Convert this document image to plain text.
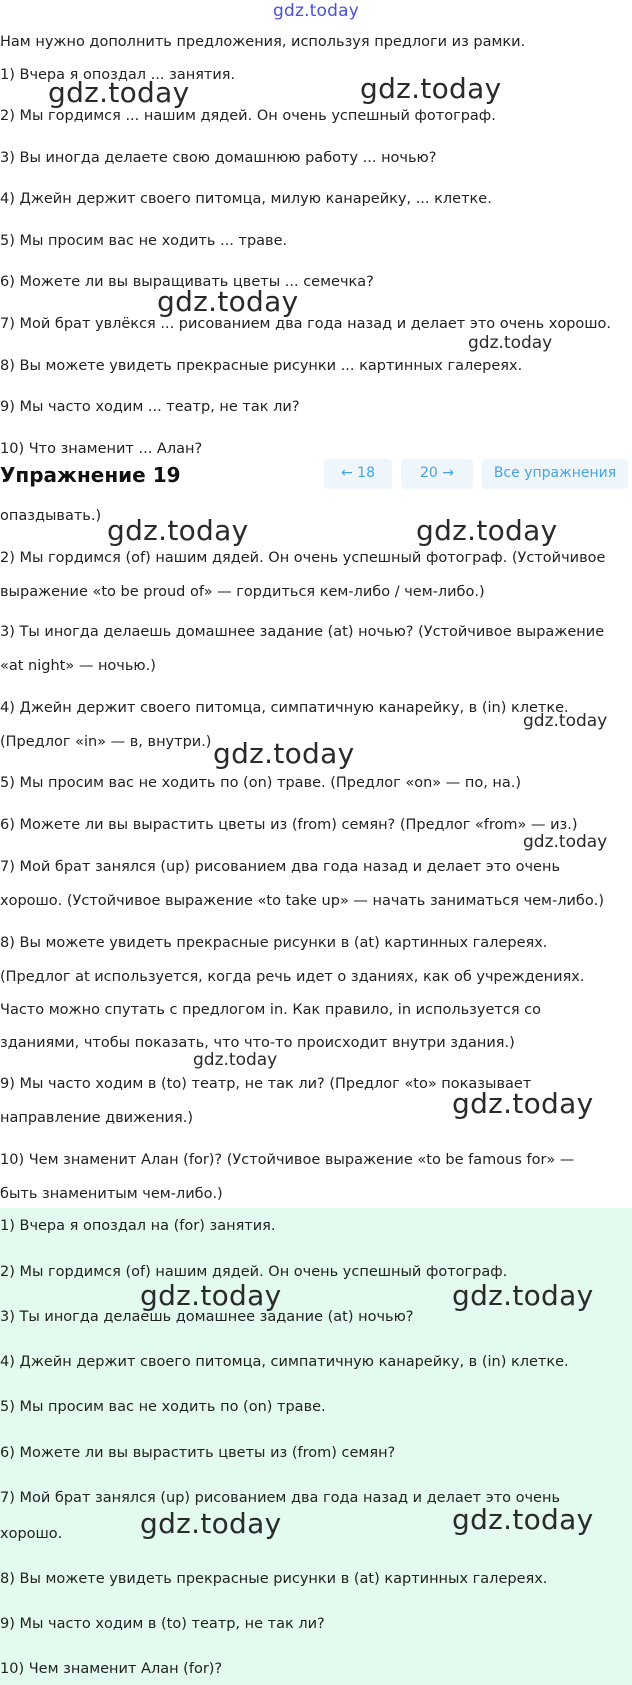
gdz.today
Нам нужно дополнить предложения, используя предлоги из рамки.
1) Вчера я опоздал ... занятия.
2) Мы гордимся ... нашим дядей. Он очень успешный фотограф.
3) Вы иногда делаете свою домашнюю работу ... ночью?
4) Джейн держит своего питомца, милую канарейку, ... клетке.
5) Мы просим вас не ходить ... траве.
6) Можете ли вы выращивать цветы ... семечка?
7) Мой брат увлёкся ... рисованием два года назад и делает это очень хорошо.
8) Вы можете увидеть прекрасные рисунки ... картинных галереях.
9) Мы часто ходим ... театр, не так ли?
10) Что знаменит ... Алан?
Упражнение 19	← 18	20 →	Все упражнения
опаздывать.)
2) Мы гордимся (of) нашим дядей. Он очень успешный фотограф. (Устойчивое
выражение «to be proud of» — гордиться кем-либо / чем-либо.)
3) Ты иногда делаешь домашнее задание (at) ночью? (Устойчивое выражение
«at night» — ночью.)
4) Джейн держит своего питомца, симпатичную канарейку, в (in) клетке.
(Предлог «in» — в, внутри.)
5) Мы просим вас не ходить по (on) траве. (Предлог «on» — по, на.)
6) Можете ли вы вырастить цветы из (from) семян? (Предлог «from» — из.)
7) Мой брат занялся (up) рисованием два года назад и делает это очень
хорошо. (Устойчивое выражение «to take up» — начать заниматься чем-либо.)
8) Вы можете увидеть прекрасные рисунки в (at) картинных галереях.
(Предлог at используется, когда речь идет о зданиях, как об учреждениях.
Часто можно спутать с предлогом in. Как правило, in используется со
зданиями, чтобы показать, что что-то происходит внутри здания.)
9) Мы часто ходим в (to) театр, не так ли? (Предлог «to» показывает
направление движения.)
10) Чем знаменит Алан (for)? (Устойчивое выражение «to be famous for» —
быть знаменитым чем-либо.)
1) Вчера я опоздал на (for) занятия.
2) Мы гордимся (of) нашим дядей. Он очень успешный фотограф.
3) Ты иногда делаешь домашнее задание (at) ночью?
4) Джейн держит своего питомца, симпатичную канарейку, в (in) клетке.
5) Мы просим вас не ходить по (on) траве.
6) Можете ли вы вырастить цветы из (from) семян?
7) Мой брат занялся (up) рисованием два года назад и делает это очень
хорошо.
8) Вы можете увидеть прекрасные рисунки в (at) картинных галереях.
9) Мы часто ходим в (to) театр, не так ли?
10) Чем знаменит Алан (for)?
gdz.today	gdz.today
gdz.today
gdz.today
gdz.today	gdz.today
gdz.today
gdz.today
gdz.today
gdz.today
gdz.today
gdz.today	gdz.today
gdz.today	gdz.today
